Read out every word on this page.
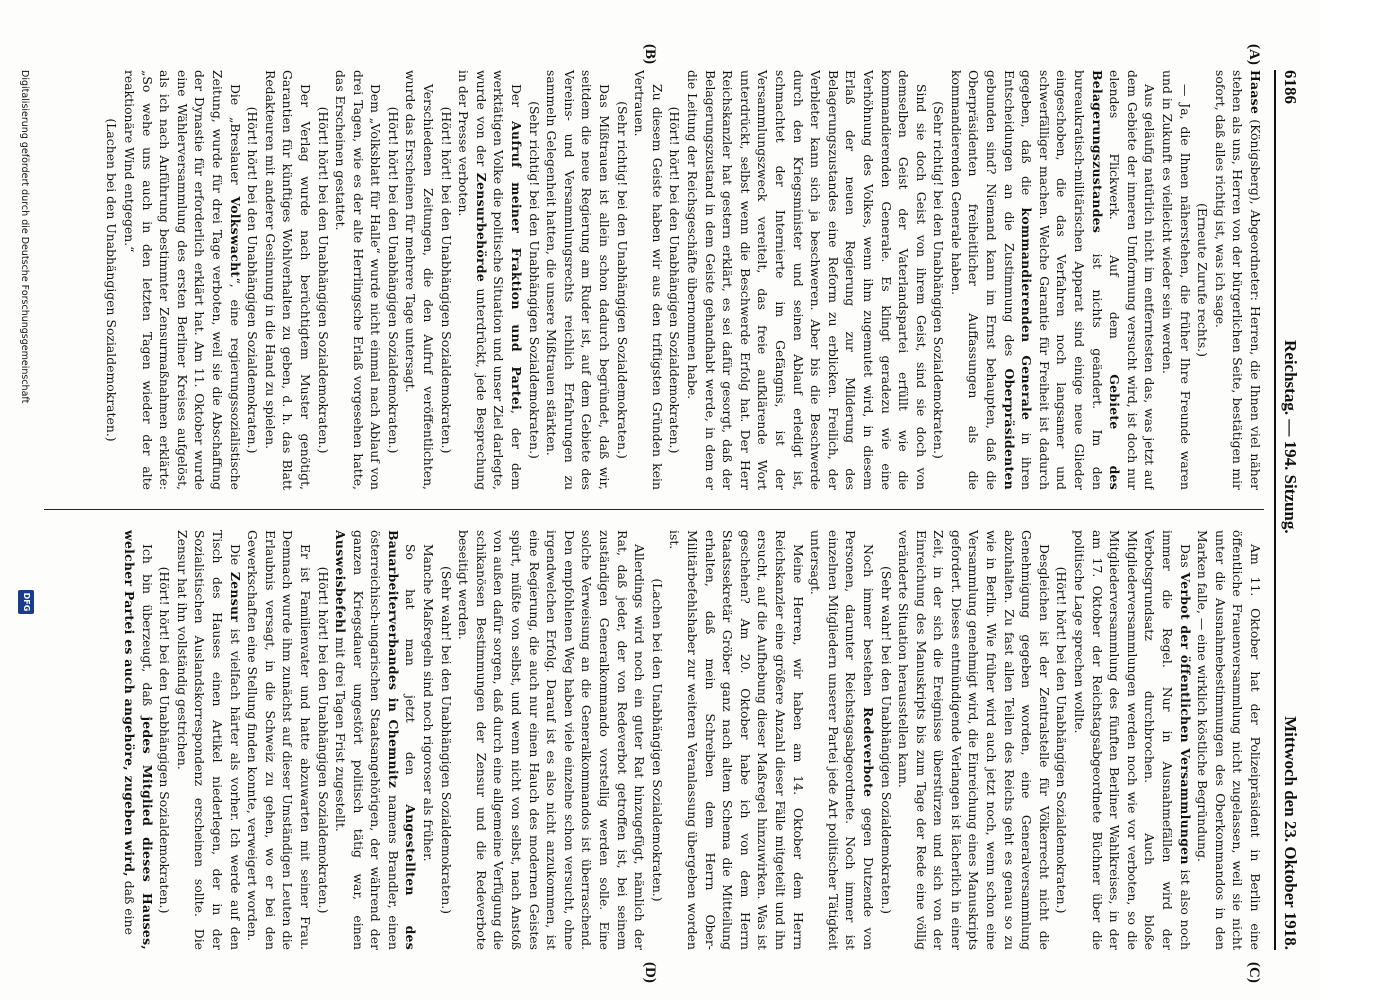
6186
Reichstag. — 194. Sitzung.
Mittwoch den 23. Oktober 1918.
(A)
(B)
(C)
(D)

Haase (Königsberg), Abgeordneter: Herren, die Ihnen viel näher stehen als uns, Herren von der bürgerlichen Seite, bestätigen mir sofort, daß alles richtig ist, was ich sage.

(Erneute Zurufe rechts.)

— Ja, die Ihnen näherstehen, die früher Ihre Freunde waren und in Zukunft es vielleicht wieder sein werden.

Aus geläufig natürlich nicht im entferntesten das, was jetzt auf dem Gebiete der inneren Umformung versucht wird, ist doch nur elendes Flickwerk. Auf dem Gebiete des Belagerungszustandes ist nichts geändert. Im den bureaukratisch-militärischen Apparat sind einige neue Glieder eingeschoben, die das Verfahren noch langsamer und schwerfälliger machen. Welche Garantie für Freiheit ist dadurch gegeben, daß die kommandierenden Generale in ihren Entscheidungen an die Zustimmung des Oberpräsidenten gebunden sind? Niemand kann im Ernst behaupten, daß die Oberpräsidenten freiheitlicher Auffassungen als die kommandierenden Generale haben.

(Sehr richtig! bei den Unabhängigen Sozialdemokraten.)

Sind sie doch Geist von ihrem Geist, sind sie doch von demselben Geist der Vaterlandspartei erfüllt wie die kommandierenden Generale. Es klingt geradezu wie eine Verhöhnung des Volkes, wenn ihm zugemutet wird, in diesem Erlaß der neuen Regierung zur Milderung des Belagerungszustandes eine Reform zu erblicken. Freilich, der Verbleter kann sich ja beschweren. Aber bis die Beschwerde durch den Kriegsminister und seinen Ablauf erledigt ist, schmachtet der Internierte im Gefängnis, ist der Versammlungszweck vereitelt, das freie aufklärende Wort unterdrückt, selbst wenn die Beschwerde Erfolg hat. Der Herr Reichskanzler hat gestern erklärt, es sei dafür gesorgt, daß der Belagerungszustand in dem Geiste gehandhabt werde, in dem er die Leitung der Reichsgeschäfte übernommen habe.

(Hört! hört! bei den Unabhängigen Sozialdemokraten.)

Zu diesem Geiste haben wir aus den triftigsten Gründen kein Vertrauen.

(Sehr richtig! bei den Unabhängigen Sozialdemokraten.)

Das Mißtrauen ist allein schon dadurch begründet, daß wir, seitdem die neue Regierung am Ruder ist, auf dem Gebiete des Vereins- und Versammlungsrechts reichlich Erfahrungen zu sammeln Gelegenheit hatten, die unsere Mißtrauen stärkten.

(Sehr richtig! bei den Unabhängigen Sozialdemokraten.)

Der Aufruf meiner Fraktion und Partei, der dem werktätigen Volke die politische Situation und unser Ziel darlegte, wurde von der Zensurbehörde unterdrückt, jede Besprechung in der Presse verboten.

(Hört! hört! bei den Unabhängigen Sozialdemokraten.)

Verschiedenen Zeitungen, die den Aufruf veröffentlichten, wurde das Erscheinen für mehrere Tage untersagt.

(Hört! hört! bei den Unabhängigen Sozialdemokraten.)

Dem „Volksblatt für Halle“ wurde nicht einmal nach Ablauf von drei Tagen, wie es der alte Herrlingsche Erlaß vorgesehen hatte, das Erscheinen gestattet.

(Hört! hört! bei den Unabhängigen Sozialdemokraten.)

Der Verlag wurde nach berüchtigtem Muster genötigt, Garantien für künftiges Wohlverhalten zu geben, d. h. das Blatt Redakteuren mit anderer Gesinnung in die Hand zu spielen.

(Hört! hört! bei den Unabhängigen Sozialdemokraten.)

Die „Breslauer Volkswacht“, eine regierungssozialistische Zeitung, wurde für drei Tage verboten, weil sie die Abschaffung der Dynastie für erforderlich erklärt hat. Am 11. Oktober wurde eine Wählerversammlung des ersten Berliner Kreises aufgelöst, als ich nach Anführung bestimmter Zensurmaßnahmen erklärte: „So wehe uns auch in den letzten Tagen wieder der alte reaktionäre Wind entgegen.“

(Lachen bei den Unabhängigen Sozialdemokraten.)

Am 11. Oktober hat der Polizeipräsident in Berlin eine öffentliche Frauenversammlung nicht zugelassen, weil sie nicht unter die Ausnahmebestimmungen des Oberkommandos in den Marken falle, — eine wirklich köstliche Begründung.

Das Verbot der öffentlichen Versammlungen ist also noch immer die Regel. Nur in Ausnahmefällen wird der Verbotsgrundsatz durchbrochen. Auch bloße Mitgliederversammlungen werden noch wie vor verboten, so die Mitgliederversammlung des fünften Berliner Wahlkreises, in der am 17. Oktober der Reichstagsabgeordnete Büchner über die politische Lage sprechen wollte.

(Hört! hört! bei den Unabhängigen Sozialdemokraten.)

Desgleichen ist der Zentralstelle für Völkerrecht nicht die Genehmigung gegeben worden, eine Generalversammlung abzuhalten. Zu fast allen Teilen des Reichs geht es genau so zu wie in Berlin. Wie früher wird auch jetzt noch, wenn schon eine Versammlung genehmigt wird, die Einreichung eines Manuskripts gefordert. Dieses entmündigende Verlangen ist lächerlich in einer Zeit, in der sich die Ereignisse überstürzen und sich von der Einreichung des Manuskripts bis zum Tage der Rede eine völlig veränderte Situation herausstellen kann.

(Sehr wahr! bei den Unabhängigen Sozialdemokraten.)

Noch immer bestehen Redeverbote gegen Dutzende von Personen, darunter Reichstagsabgeordnete. Noch immer ist einzelnen Mitgliedern unserer Partei jede Art politischer Tätigkeit untersagt.

Meine Herren, wir haben am 14. Oktober dem Herrn Reichskanzler eine größere Anzahl dieser Fälle mitgeteilt und ihn ersucht, auf die Aufhebung dieser Maßregel hinzuwirken. Was ist geschehen? Am 20. Oktober habe ich von dem Herrn Staatssekretär Gröber ganz nach altem Schema die Mitteilung erhalten, daß mein Schreiben dem Herrn Ober-Militärbefehlshaber zur weiteren Veranlassung übergeben worden ist.

(Lachen bei den Unabhängigen Sozialdemokraten.)

Allerdings wird noch ein guter Rat hinzugefügt, nämlich der Rat, daß jeder, der von Redeverbot getroffen ist, bei seinem zuständigen Generalkommando vorstellig werden solle. Eine solche Verweisung an die Generalkommandos ist überraschend. Den empfohlenen Weg haben viele einzelne schon versucht, ohne irgendwelchen Erfolg. Darauf ist es also nicht anzukommen, ist eine Regierung, die auch nur einen Hauch des modernen Geistes spürt, müßte von selbst, und wenn nicht von selbst, nach Anstoß von außen dafür sorgen, daß durch eine allgemeine Verfügung die schikanösen Bestimmungen der Zensur und die Redeverbote beseitigt werden.

(Sehr wahr! bei den Unabhängigen Sozialdemokraten.)

Manche Maßregeln sind noch rigoroser als früher.

So hat man jetzt den Angestellten des Bauarbeiterverbandes in Chemnitz namens Brandler, einen österreichisch-ungarischen Staatsangehörigen, der während der ganzen Kriegsdauer ungestört politisch tätig war, einen Ausweisbefehl mit drei Tagen Frist zugestellt.

(Hört! hört! bei den Unabhängigen Sozialdemokraten.)

Er ist Familienvater und hatte abzuwarten mit seiner Frau. Demnach wurde ihm zunächst auf dieser Umständigen Leuten die Erlaubnis versagt, in die Schweiz zu gehen, wo er bei den Gewerkschaften eine Stellung finden konnte, verweigert worden.

Die Zensur ist vielfach härter als vorher. Ich werde auf den Tisch des Hauses einen Artikel niederlegen, der in der Sozialistischen Auslandskorrespondenz erscheinen sollte. Die Zensur hat ihn vollständig gestrichen.

(Hört! hört! bei den Unabhängigen Sozialdemokraten.)

Ich bin überzeugt, daß jedes Mitglied dieses Hauses, welcher Partei es auch angehöre, zugeben wird, daß eine

Digitalisierung gefördert durch die Deutsche Forschungsgemeinschaft
DFG
